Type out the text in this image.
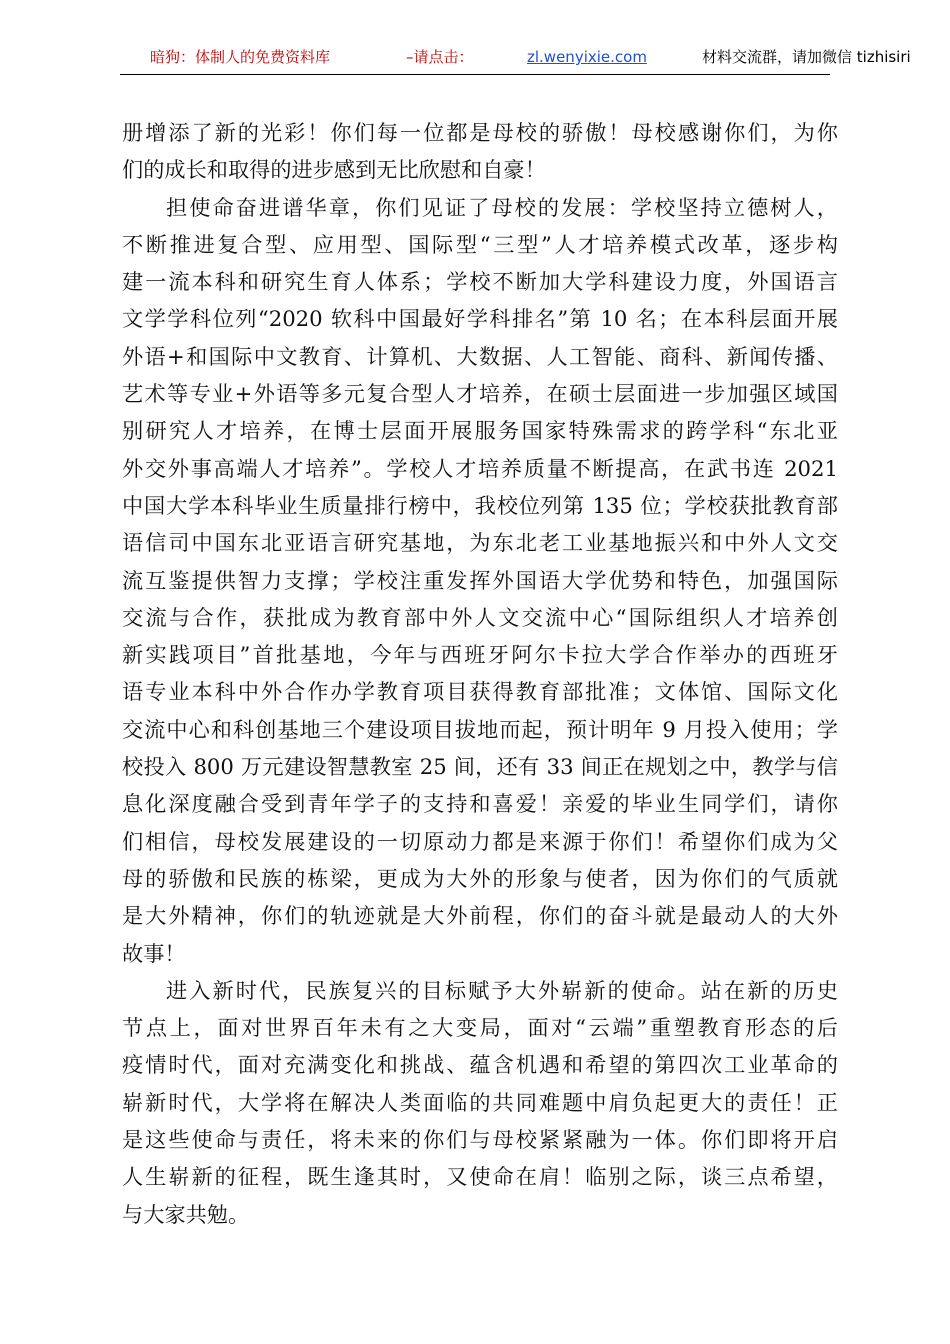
暗狗：体制人的免费资料库	–请点击：	zl.wenyixie.com	材料交流群，请加微信 tizhisiri

册增添了新的光彩！你们每一位都是母校的骄傲！母校感谢你们，为你
们的成长和取得的进步感到无比欣慰和自豪！

担使命奋进谱华章，你们见证了母校的发展：学校坚持立德树人，
不断推进复合型、应用型、国际型“三型”人才培养模式改革，逐步构
建一流本科和研究生育人体系；学校不断加大学科建设力度，外国语言
文学学科位列“2020 软科中国最好学科排名”第 10 名；在本科层面开展
外语+和国际中文教育、计算机、大数据、人工智能、商科、新闻传播、
艺术等专业+外语等多元复合型人才培养，在硕士层面进一步加强区域国
别研究人才培养，在博士层面开展服务国家特殊需求的跨学科“东北亚
外交外事高端人才培养”。学校人才培养质量不断提高，在武书连 2021
中国大学本科毕业生质量排行榜中，我校位列第 135 位；学校获批教育部
语信司中国东北亚语言研究基地，为东北老工业基地振兴和中外人文交
流互鉴提供智力支撑；学校注重发挥外国语大学优势和特色，加强国际
交流与合作，获批成为教育部中外人文交流中心“国际组织人才培养创
新实践项目”首批基地，今年与西班牙阿尔卡拉大学合作举办的西班牙
语专业本科中外合作办学教育项目获得教育部批准；文体馆、国际文化
交流中心和科创基地三个建设项目拔地而起，预计明年 9 月投入使用；学
校投入 800 万元建设智慧教室 25 间，还有 33 间正在规划之中，教学与信
息化深度融合受到青年学子的支持和喜爱！亲爱的毕业生同学们，请你
们相信，母校发展建设的一切原动力都是来源于你们！希望你们成为父
母的骄傲和民族的栋梁，更成为大外的形象与使者，因为你们的气质就
是大外精神，你们的轨迹就是大外前程，你们的奋斗就是最动人的大外
故事！

进入新时代，民族复兴的目标赋予大外崭新的使命。站在新的历史
节点上，面对世界百年未有之大变局，面对“云端”重塑教育形态的后
疫情时代，面对充满变化和挑战、蕴含机遇和希望的第四次工业革命的
崭新时代，大学将在解决人类面临的共同难题中肩负起更大的责任！正
是这些使命与责任，将未来的你们与母校紧紧融为一体。你们即将开启
人生崭新的征程，既生逢其时，又使命在肩！临别之际，谈三点希望，
与大家共勉。
